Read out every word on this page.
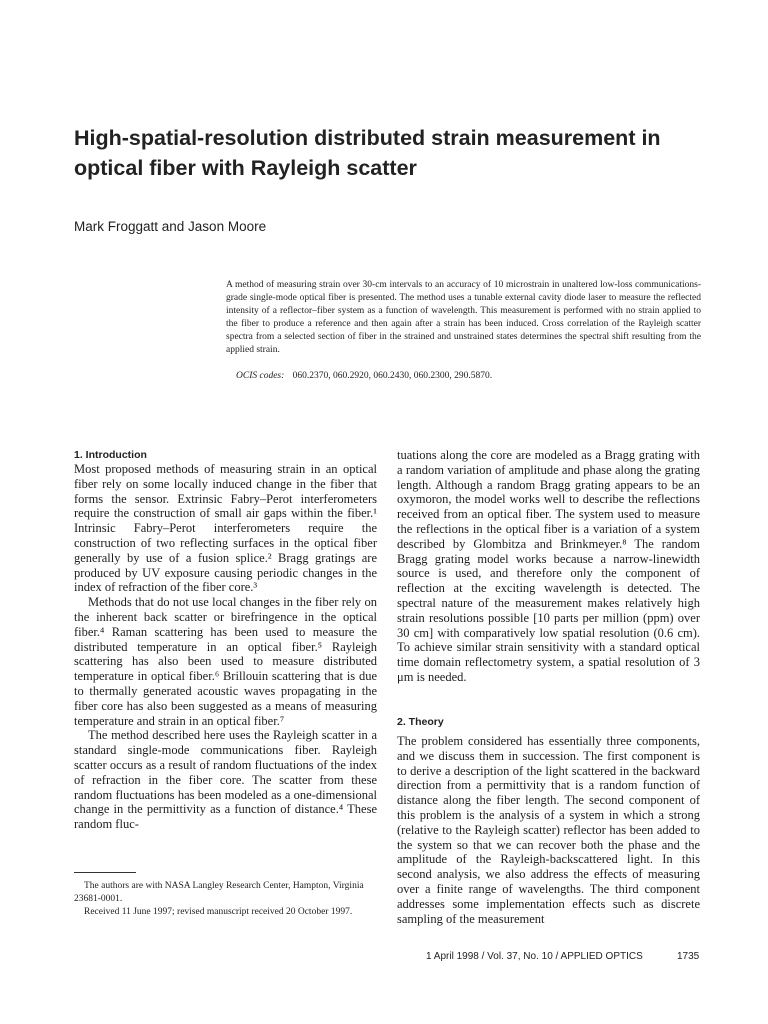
High-spatial-resolution distributed strain measurement in optical fiber with Rayleigh scatter
Mark Froggatt and Jason Moore
A method of measuring strain over 30-cm intervals to an accuracy of 10 microstrain in unaltered low-loss communications-grade single-mode optical fiber is presented. The method uses a tunable external cavity diode laser to measure the reflected intensity of a reflector–fiber system as a function of wavelength. This measurement is performed with no strain applied to the fiber to produce a reference and then again after a strain has been induced. Cross correlation of the Rayleigh scatter spectra from a selected section of fiber in the strained and unstrained states determines the spectral shift resulting from the applied strain.
OCIS codes: 060.2370, 060.2920, 060.2430, 060.2300, 290.5870.
1. Introduction

Most proposed methods of measuring strain in an optical fiber rely on some locally induced change in the fiber that forms the sensor. Extrinsic Fabry–Perot interferometers require the construction of small air gaps within the fiber.¹ Intrinsic Fabry–Perot interferometers require the construction of two reflecting surfaces in the optical fiber generally by use of a fusion splice.² Bragg gratings are produced by UV exposure causing periodic changes in the index of refraction of the fiber core.³

Methods that do not use local changes in the fiber rely on the inherent back scatter or birefringence in the optical fiber.⁴ Raman scattering has been used to measure the distributed temperature in an optical fiber.⁵ Rayleigh scattering has also been used to measure distributed temperature in optical fiber.⁶ Brillouin scattering that is due to thermally generated acoustic waves propagating in the fiber core has also been suggested as a means of measuring temperature and strain in an optical fiber.⁷

The method described here uses the Rayleigh scatter in a standard single-mode communications fiber. Rayleigh scatter occurs as a result of random fluctuations of the index of refraction in the fiber core. The scatter from these random fluctuations has been modeled as a one-dimensional change in the permittivity as a function of distance.⁴ These random fluc-

tuations along the core are modeled as a Bragg grating with a random variation of amplitude and phase along the grating length. Although a random Bragg grating appears to be an oxymoron, the model works well to describe the reflections received from an optical fiber. The system used to measure the reflections in the optical fiber is a variation of a system described by Glombitza and Brinkmeyer.⁸ The random Bragg grating model works because a narrow-linewidth source is used, and therefore only the component of reflection at the exciting wavelength is detected. The spectral nature of the measurement makes relatively high strain resolutions possible [10 parts per million (ppm) over 30 cm] with comparatively low spatial resolution (0.6 cm). To achieve similar strain sensitivity with a standard optical time domain reflectometry system, a spatial resolution of 3 μm is needed.

2. Theory

The problem considered has essentially three components, and we discuss them in succession. The first component is to derive a description of the light scattered in the backward direction from a permittivity that is a random function of distance along the fiber length. The second component of this problem is the analysis of a system in which a strong (relative to the Rayleigh scatter) reflector has been added to the system so that we can recover both the phase and the amplitude of the Rayleigh-backscattered light. In this second analysis, we also address the effects of measuring over a finite range of wavelengths. The third component addresses some implementation effects such as discrete sampling of the measurement

The authors are with NASA Langley Research Center, Hampton, Virginia 23681-0001.

Received 11 June 1997; revised manuscript received 20 October 1997.

1 April 1998 / Vol. 37, No. 10 / APPLIED OPTICS	1735
